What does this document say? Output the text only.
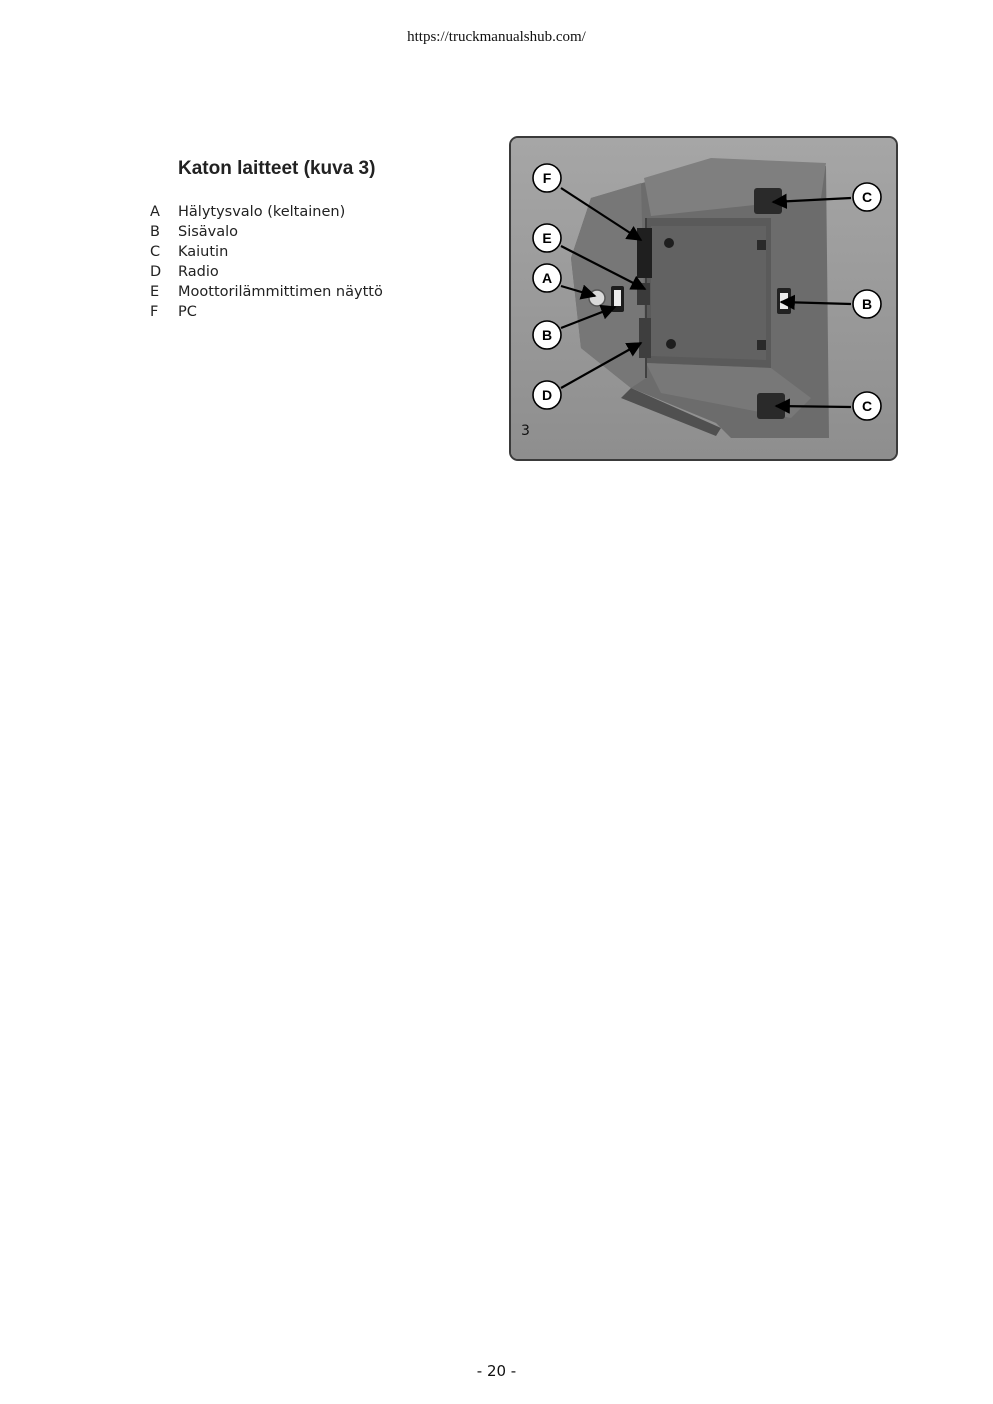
https://truckmanualshub.com/
Katon laitteet (kuva 3)
A Hälytysvalo (keltainen)
B Sisävalo
C Kaiutin
D Radio
E Moottorilämmittimen näyttö
F PC
F
E
A
B
D
C
B
C
3
- 20 -
